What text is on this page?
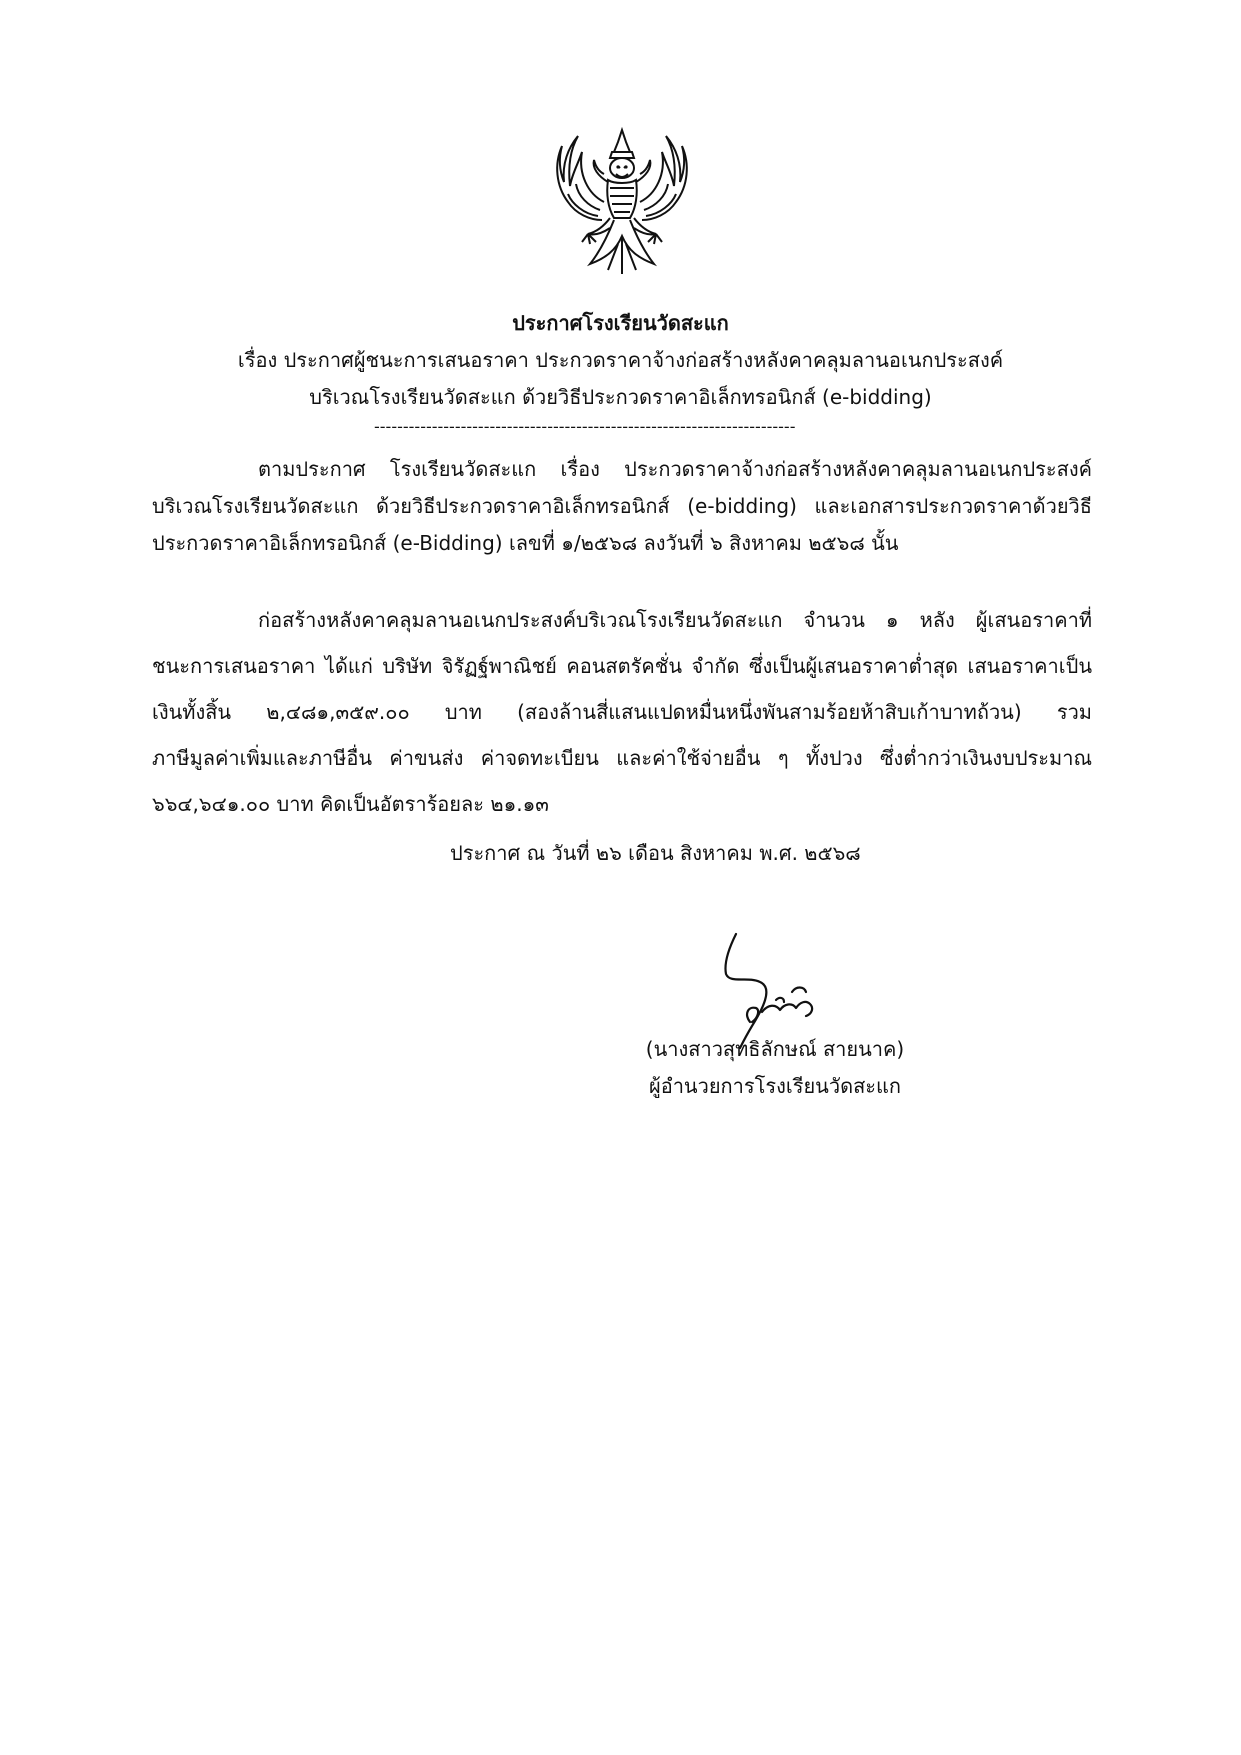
ประกาศโรงเรียนวัดสะแก
เรื่อง ประกาศผู้ชนะการเสนอราคา ประกวดราคาจ้างก่อสร้างหลังคาคลุมลานอเนกประสงค์
บริเวณโรงเรียนวัดสะแก ด้วยวิธีประกวดราคาอิเล็กทรอนิกส์ (e-bidding)
-------------------------------------------------------------------------
ตามประกาศ โรงเรียนวัดสะแก เรื่อง ประกวดราคาจ้างก่อสร้างหลังคาคลุมลานอเนกประสงค์
บริเวณโรงเรียนวัดสะแก ด้วยวิธีประกวดราคาอิเล็กทรอนิกส์ (e-bidding) และเอกสารประกวดราคาด้วยวิธี
ประกวดราคาอิเล็กทรอนิกส์ (e-Bidding) เลขที่ ๑/๒๕๖๘ ลงวันที่ ๖ สิงหาคม ๒๕๖๘ นั้น
ก่อสร้างหลังคาคลุมลานอเนกประสงค์บริเวณโรงเรียนวัดสะแก จำนวน ๑ หลัง ผู้เสนอราคาที่
ชนะการเสนอราคา ได้แก่ บริษัท จิรัฏฐ์พาณิชย์ คอนสตรัคชั่น จำกัด ซึ่งเป็นผู้เสนอราคาต่ำสุด เสนอราคาเป็น
เงินทั้งสิ้น ๒,๔๘๑,๓๕๙.๐๐ บาท (สองล้านสี่แสนแปดหมื่นหนึ่งพันสามร้อยห้าสิบเก้าบาทถ้วน) รวม
ภาษีมูลค่าเพิ่มและภาษีอื่น ค่าขนส่ง ค่าจดทะเบียน และค่าใช้จ่ายอื่น ๆ ทั้งปวง ซึ่งต่ำกว่าเงินงบประมาณ
๖๖๔,๖๔๑.๐๐ บาท คิดเป็นอัตราร้อยละ ๒๑.๑๓
ประกาศ ณ วันที่ ๒๖ เดือน สิงหาคม พ.ศ. ๒๕๖๘
(นางสาวสุทธิลักษณ์ สายนาค)
ผู้อำนวยการโรงเรียนวัดสะแก
